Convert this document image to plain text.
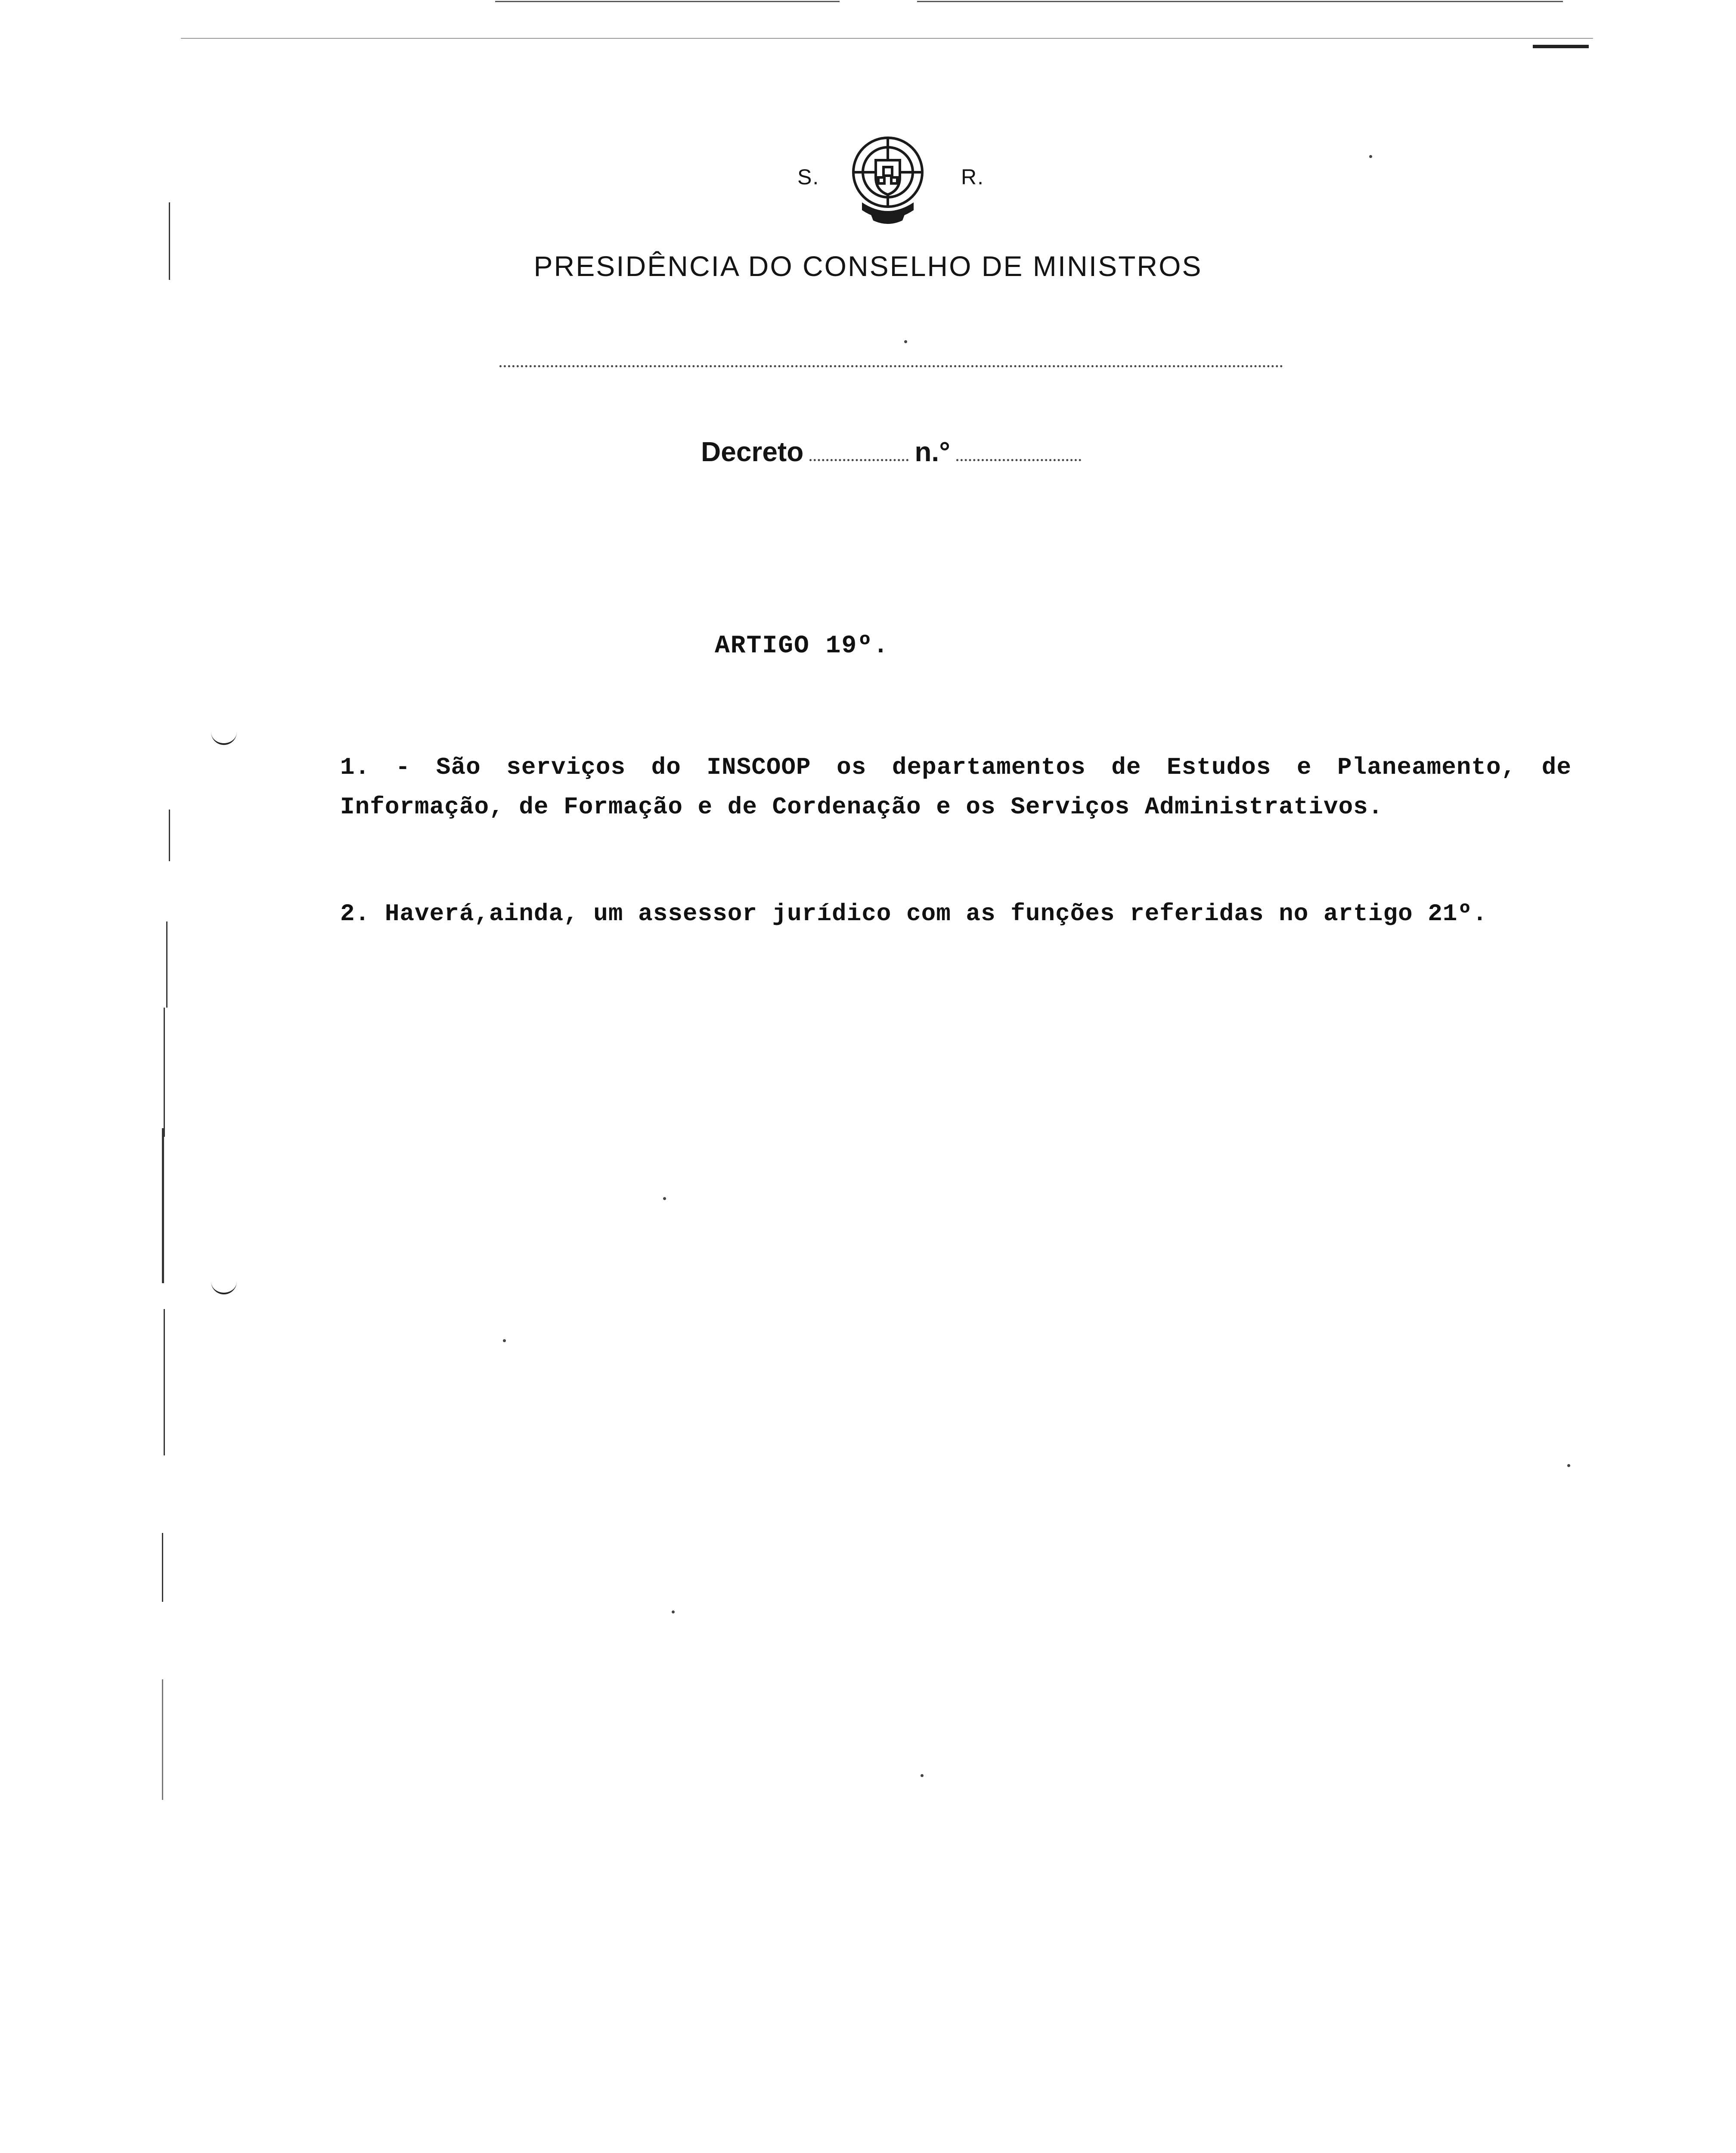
S.	R.
PRESIDÊNCIA DO CONSELHO DE MINISTROS
Decreto	n.°
ARTIGO 19º.
1. - São serviços do INSCOOP os departamentos de Estudos e Planeamento, de Informação, de Formação e de Cordenação e os Serviços Administrativos.
2. Haverá,ainda, um assessor jurídico com as funções referidas no artigo 21º.
